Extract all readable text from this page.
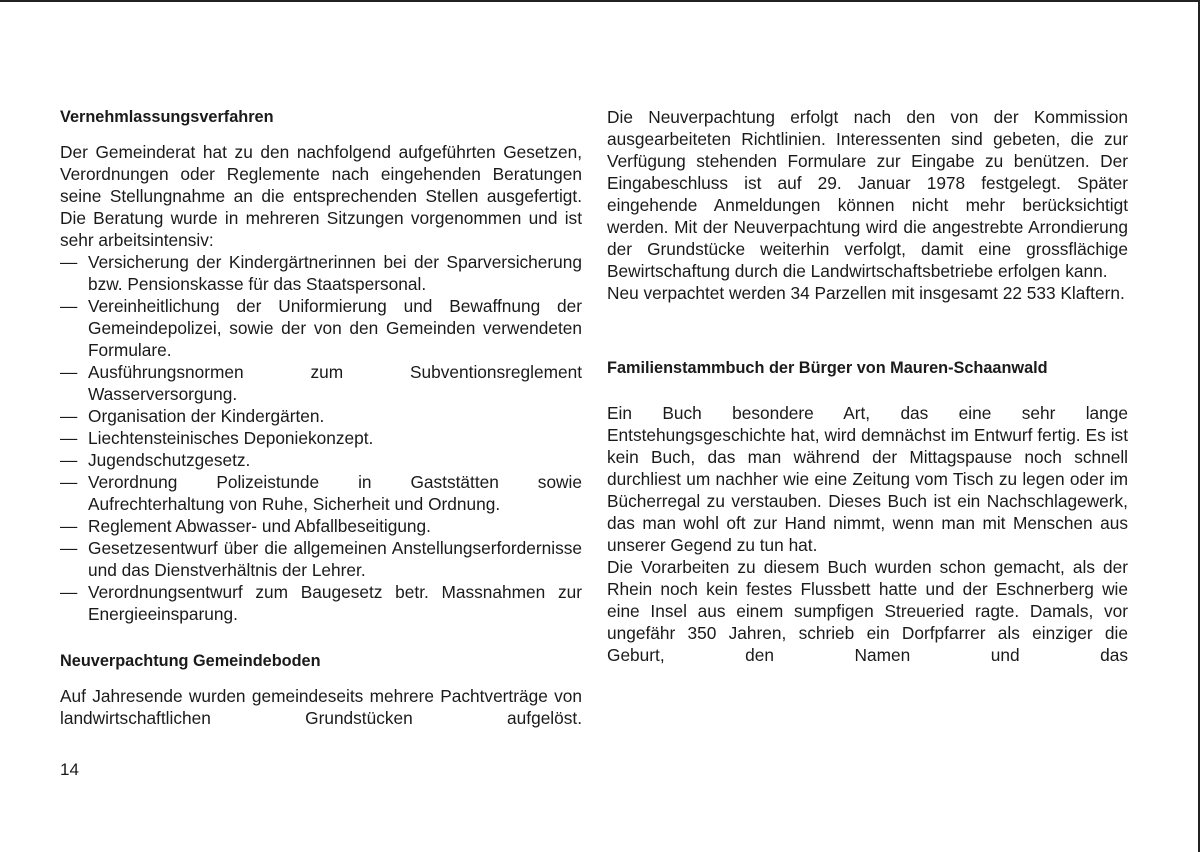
Vernehmlassungsverfahren

Der Gemeinderat hat zu den nachfolgend aufgeführten Gesetzen, Verordnungen oder Reglemente nach eingehenden Beratungen seine Stellungnahme an die entsprechenden Stellen ausgefertigt. Die Beratung wurde in mehreren Sitzungen vorgenommen und ist sehr arbeitsintensiv:

— Versicherung der Kindergärtnerinnen bei der Sparversicherung bzw. Pensionskasse für das Staatspersonal.
— Vereinheitlichung der Uniformierung und Bewaffnung der Gemeindepolizei, sowie der von den Gemeinden verwendeten Formulare.
— Ausführungsnormen zum Subventionsreglement Wasserversorgung.
— Organisation der Kindergärten.
— Liechtensteinisches Deponiekonzept.
— Jugendschutzgesetz.
— Verordnung Polizeistunde in Gaststätten sowie Aufrechterhaltung von Ruhe, Sicherheit und Ordnung.
— Reglement Abwasser- und Abfallbeseitigung.
— Gesetzesentwurf über die allgemeinen Anstellungserfordernisse und das Dienstverhältnis der Lehrer.
— Verordnungsentwurf zum Baugesetz betr. Massnahmen zur Energieeinsparung.
Neuverpachtung Gemeindeboden

Auf Jahresende wurden gemeindeseits mehrere Pachtverträge von landwirtschaftlichen Grundstücken aufgelöst.

Die Neuverpachtung erfolgt nach den von der Kommission ausgearbeiteten Richtlinien. Interessenten sind gebeten, die zur Verfügung stehenden Formulare zur Eingabe zu benützen. Der Eingabeschluss ist auf 29. Januar 1978 festgelegt. Später eingehende Anmeldungen können nicht mehr berücksichtigt werden. Mit der Neuverpachtung wird die angestrebte Arrondierung der Grundstücke weiterhin verfolgt, damit eine grossflächige Bewirtschaftung durch die Landwirtschaftsbetriebe erfolgen kann.

Neu verpachtet werden 34 Parzellen mit insgesamt 22 533 Klaftern.

Familienstammbuch der Bürger von Mauren-Schaanwald

Ein Buch besondere Art, das eine sehr lange Entstehungsgeschichte hat, wird demnächst im Entwurf fertig. Es ist kein Buch, das man während der Mittagspause noch schnell durchliest um nachher wie eine Zeitung vom Tisch zu legen oder im Bücherregal zu verstauben. Dieses Buch ist ein Nachschlagewerk, das man wohl oft zur Hand nimmt, wenn man mit Menschen aus unserer Gegend zu tun hat.

Die Vorarbeiten zu diesem Buch wurden schon gemacht, als der Rhein noch kein festes Flussbett hatte und der Eschnerberg wie eine Insel aus einem sumpfigen Streueried ragte. Damals, vor ungefähr 350 Jahren, schrieb ein Dorfpfarrer als einziger die Geburt, den Namen und das

14
